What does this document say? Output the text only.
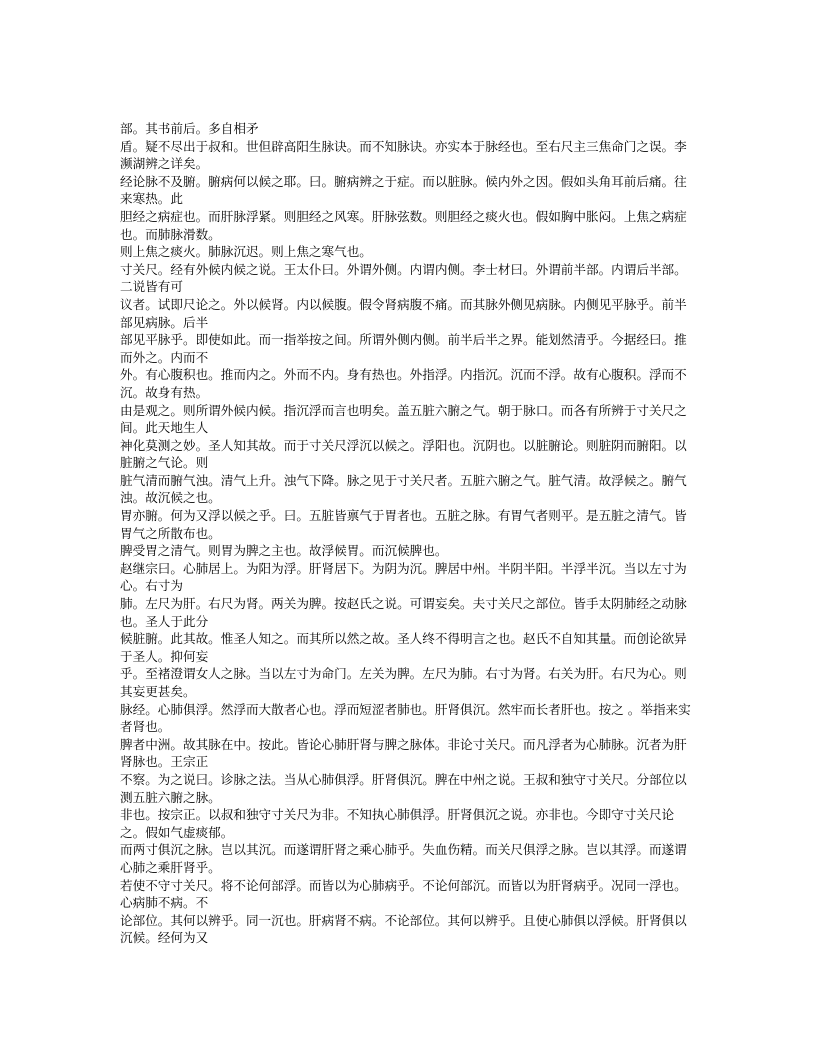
部。其书前后。多自相矛

盾。疑不尽出于叔和。世但辟高阳生脉诀。而不知脉诀。亦实本于脉经也。至右尺主三焦命门之误。李濒湖辨之详矣。

经论脉不及腑。腑病何以候之耶。曰。腑病辨之于症。而以脏脉。候内外之因。假如头角耳前后痛。往来寒热。此

胆经之病症也。而肝脉浮紧。则胆经之风寒。肝脉弦数。则胆经之痰火也。假如胸中胀闷。上焦之病症也。而肺脉滑数。

则上焦之痰火。肺脉沉迟。则上焦之寒气也。

寸关尺。经有外候内候之说。王太仆曰。外谓外侧。内谓内侧。李士材曰。外谓前半部。内谓后半部。二说皆有可

议者。试即尺论之。外以候肾。内以候腹。假令肾病腹不痛。而其脉外侧见病脉。内侧见平脉乎。前半部见病脉。后半

部见平脉乎。即使如此。而一指举按之间。所谓外侧内侧。前半后半之界。能划然清乎。今据经曰。推而外之。内而不

外。有心腹积也。推而内之。外而不内。身有热也。外指浮。内指沉。沉而不浮。故有心腹积。浮而不沉。故身有热。

由是观之。则所谓外候内候。指沉浮而言也明矣。盖五脏六腑之气。朝于脉口。而各有所辨于寸关尺之间。此天地生人

神化莫测之妙。圣人知其故。而于寸关尺浮沉以候之。浮阳也。沉阴也。以脏腑论。则脏阴而腑阳。以脏腑之气论。则

脏气清而腑气浊。清气上升。浊气下降。脉之见于寸关尺者。五脏六腑之气。脏气清。故浮候之。腑气浊。故沉候之也。

胃亦腑。何为又浮以候之乎。曰。五脏皆禀气于胃者也。五脏之脉。有胃气者则平。是五脏之清气。皆胃气之所散布也。

脾受胃之清气。则胃为脾之主也。故浮候胃。而沉候脾也。

赵继宗曰。心肺居上。为阳为浮。肝肾居下。为阴为沉。脾居中州。半阴半阳。半浮半沉。当以左寸为心。右寸为

肺。左尺为肝。右尺为肾。两关为脾。按赵氏之说。可谓妄矣。夫寸关尺之部位。皆手太阴肺经之动脉也。圣人于此分

候脏腑。此其故。惟圣人知之。而其所以然之故。圣人终不得明言之也。赵氏不自知其量。而创论欲异于圣人。抑何妄

乎。至褚澄谓女人之脉。当以左寸为命门。左关为脾。左尺为肺。右寸为肾。右关为肝。右尺为心。则其妄更甚矣。

脉经。心肺俱浮。然浮而大散者心也。浮而短涩者肺也。肝肾俱沉。然牢而长者肝也。按之 。举指来实者肾也。

脾者中洲。故其脉在中。按此。皆论心肺肝肾与脾之脉体。非论寸关尺。而凡浮者为心肺脉。沉者为肝肾脉也。王宗正

不察。为之说曰。诊脉之法。当从心肺俱浮。肝肾俱沉。脾在中州之说。王叔和独守寸关尺。分部位以测五脏六腑之脉。

非也。按宗正。以叔和独守寸关尺为非。不知执心肺俱浮。肝肾俱沉之说。亦非也。今即守寸关尺论之。假如气虚痰郁。

而两寸俱沉之脉。岂以其沉。而遂谓肝肾之乘心肺乎。失血伤精。而关尺俱浮之脉。岂以其浮。而遂谓心肺之乘肝肾乎。

若使不守寸关尺。将不论何部浮。而皆以为心肺病乎。不论何部沉。而皆以为肝肾病乎。况同一浮也。心病肺不病。不

论部位。其何以辨乎。同一沉也。肝病肾不病。不论部位。其何以辨乎。且使心肺俱以浮候。肝肾俱以沉候。经何为又
